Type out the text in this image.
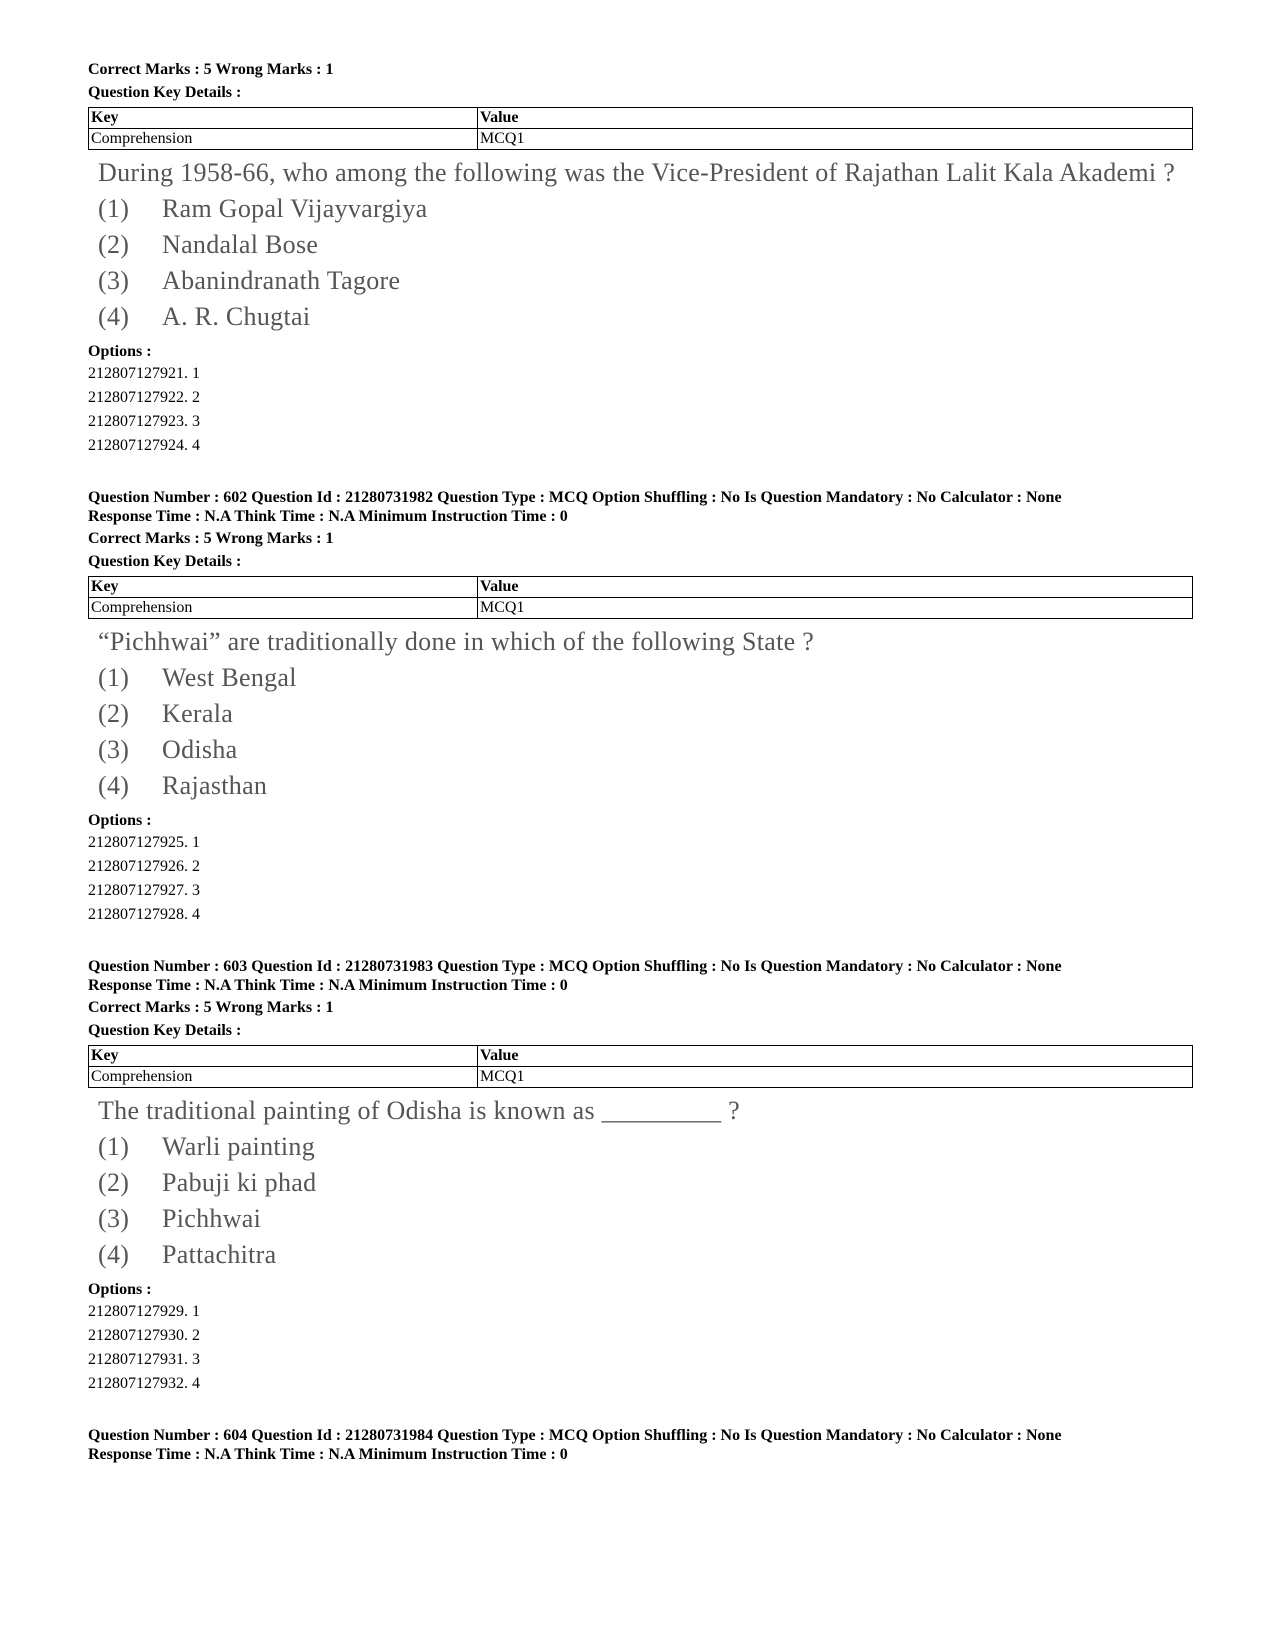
Correct Marks : 5 Wrong Marks : 1
Question Key Details :
Key	Value
Comprehension	MCQ1
During 1958-66, who among the following was the Vice-President of Rajathan Lalit Kala Akademi ?
(1)	Ram Gopal Vijayvargiya
(2)	Nandalal Bose
(3)	Abanindranath Tagore
(4)	A. R. Chugtai
Options :
212807127921. 1
212807127922. 2
212807127923. 3
212807127924. 4
Question Number : 602 Question Id : 21280731982 Question Type : MCQ Option Shuffling : No Is Question Mandatory : No Calculator : None
Response Time : N.A Think Time : N.A Minimum Instruction Time : 0
Correct Marks : 5 Wrong Marks : 1
Question Key Details :
Key	Value
Comprehension	MCQ1
“Pichhwai” are traditionally done in which of the following State ?
(1)	West Bengal
(2)	Kerala
(3)	Odisha
(4)	Rajasthan
Options :
212807127925. 1
212807127926. 2
212807127927. 3
212807127928. 4
Question Number : 603 Question Id : 21280731983 Question Type : MCQ Option Shuffling : No Is Question Mandatory : No Calculator : None
Response Time : N.A Think Time : N.A Minimum Instruction Time : 0
Correct Marks : 5 Wrong Marks : 1
Question Key Details :
Key	Value
Comprehension	MCQ1
The traditional painting of Odisha is known as _________ ?
(1)	Warli painting
(2)	Pabuji ki phad
(3)	Pichhwai
(4)	Pattachitra
Options :
212807127929. 1
212807127930. 2
212807127931. 3
212807127932. 4
Question Number : 604 Question Id : 21280731984 Question Type : MCQ Option Shuffling : No Is Question Mandatory : No Calculator : None
Response Time : N.A Think Time : N.A Minimum Instruction Time : 0
